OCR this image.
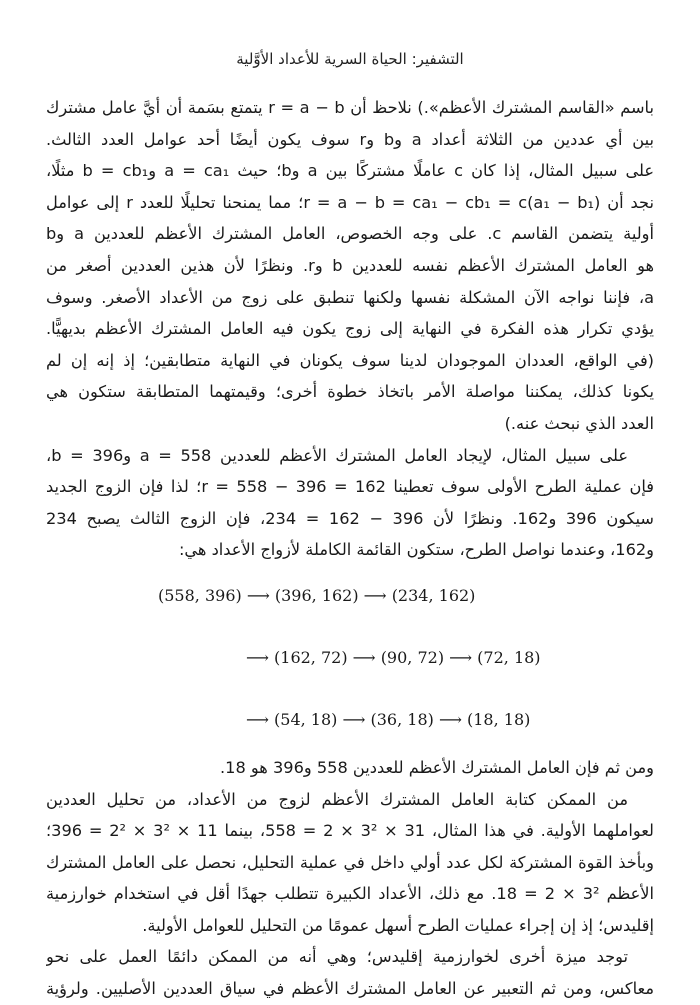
التشفير: الحياة السرية للأعداد الأوَّلية
باسم «القاسم المشترك الأعظم».) نلاحظ أن r = a − b يتمتع بسَمة أن أيَّ عامل مشترك
بين أي عددين من الثلاثة أعداد a وb وr سوف يكون أيضًا أحد عوامل العدد الثالث.
على سبيل المثال، إذا كان c عاملًا مشتركًا بين a وb؛ حيث a = ca₁ وb = cb₁ مثلًا،
نجد أن (r = a − b = ca₁ − cb₁ = c(a₁ − b₁؛ مما يمنحنا تحليلًا للعدد r إلى عوامل
أولية يتضمن القاسم c. على وجه الخصوص، العامل المشترك الأعظم للعددين a وb
هو العامل المشترك الأعظم نفسه للعددين b وr. ونظرًا لأن هذين العددين أصغر من
a، فإننا نواجه الآن المشكلة نفسها ولكنها تنطبق على زوج من الأعداد الأصغر. وسوف
يؤدي تكرار هذه الفكرة في النهاية إلى زوج يكون فيه العامل المشترك الأعظم بديهيًّا.
(في الواقع، العددان الموجودان لدينا سوف يكونان في النهاية متطابقين؛ إذ إنه إن لم
يكونا كذلك، يمكننا مواصلة الأمر باتخاذ خطوة أخرى؛ وقيمتهما المتطابقة ستكون هي
العدد الذي نبحث عنه.)
على سبيل المثال، لإيجاد العامل المشترك الأعظم للعددين a = 558 وb = 396،
فإن عملية الطرح الأولى سوف تعطينا r = 558 − 396 = 162؛ لذا فإن الزوج الجديد
سيكون 396 و162. ونظرًا لأن 396 − 162 = 234، فإن الزوج الثالث يصبح 234
و162، وعندما نواصل الطرح، ستكون القائمة الكاملة لأزواج الأعداد هي:
(558, 396) ⟶ (396, 162) ⟶ (234, 162)
⟶ (162, 72) ⟶ (90, 72) ⟶ (72, 18)
⟶ (54, 18) ⟶ (36, 18) ⟶ (18, 18)
ومن ثم فإن العامل المشترك الأعظم للعددين 558 و396 هو 18.
من الممكن كتابة العامل المشترك الأعظم لزوج من الأعداد، من تحليل العددين
لعواملهما الأولية. في هذا المثال، 31 × 3² × 2 = 558، بينما 11 × 3² × 2² = 396؛
وبأخذ القوة المشتركة لكل عدد أولي داخل في عملية التحليل، نحصل على العامل المشترك
الأعظم 3² × 2 = 18. مع ذلك، الأعداد الكبيرة تتطلب جهدًا أقل في استخدام خوارزمية
إقليدس؛ إذ إن إجراء عمليات الطرح أسهل عمومًا من التحليل للعوامل الأولية.
توجد ميزة أخرى لخوارزمية إقليدس؛ وهي أنه من الممكن دائمًا العمل على نحو
معاكس، ومن ثم التعبير عن العامل المشترك الأعظم في سياق العددين الأصليين. ولرؤية
